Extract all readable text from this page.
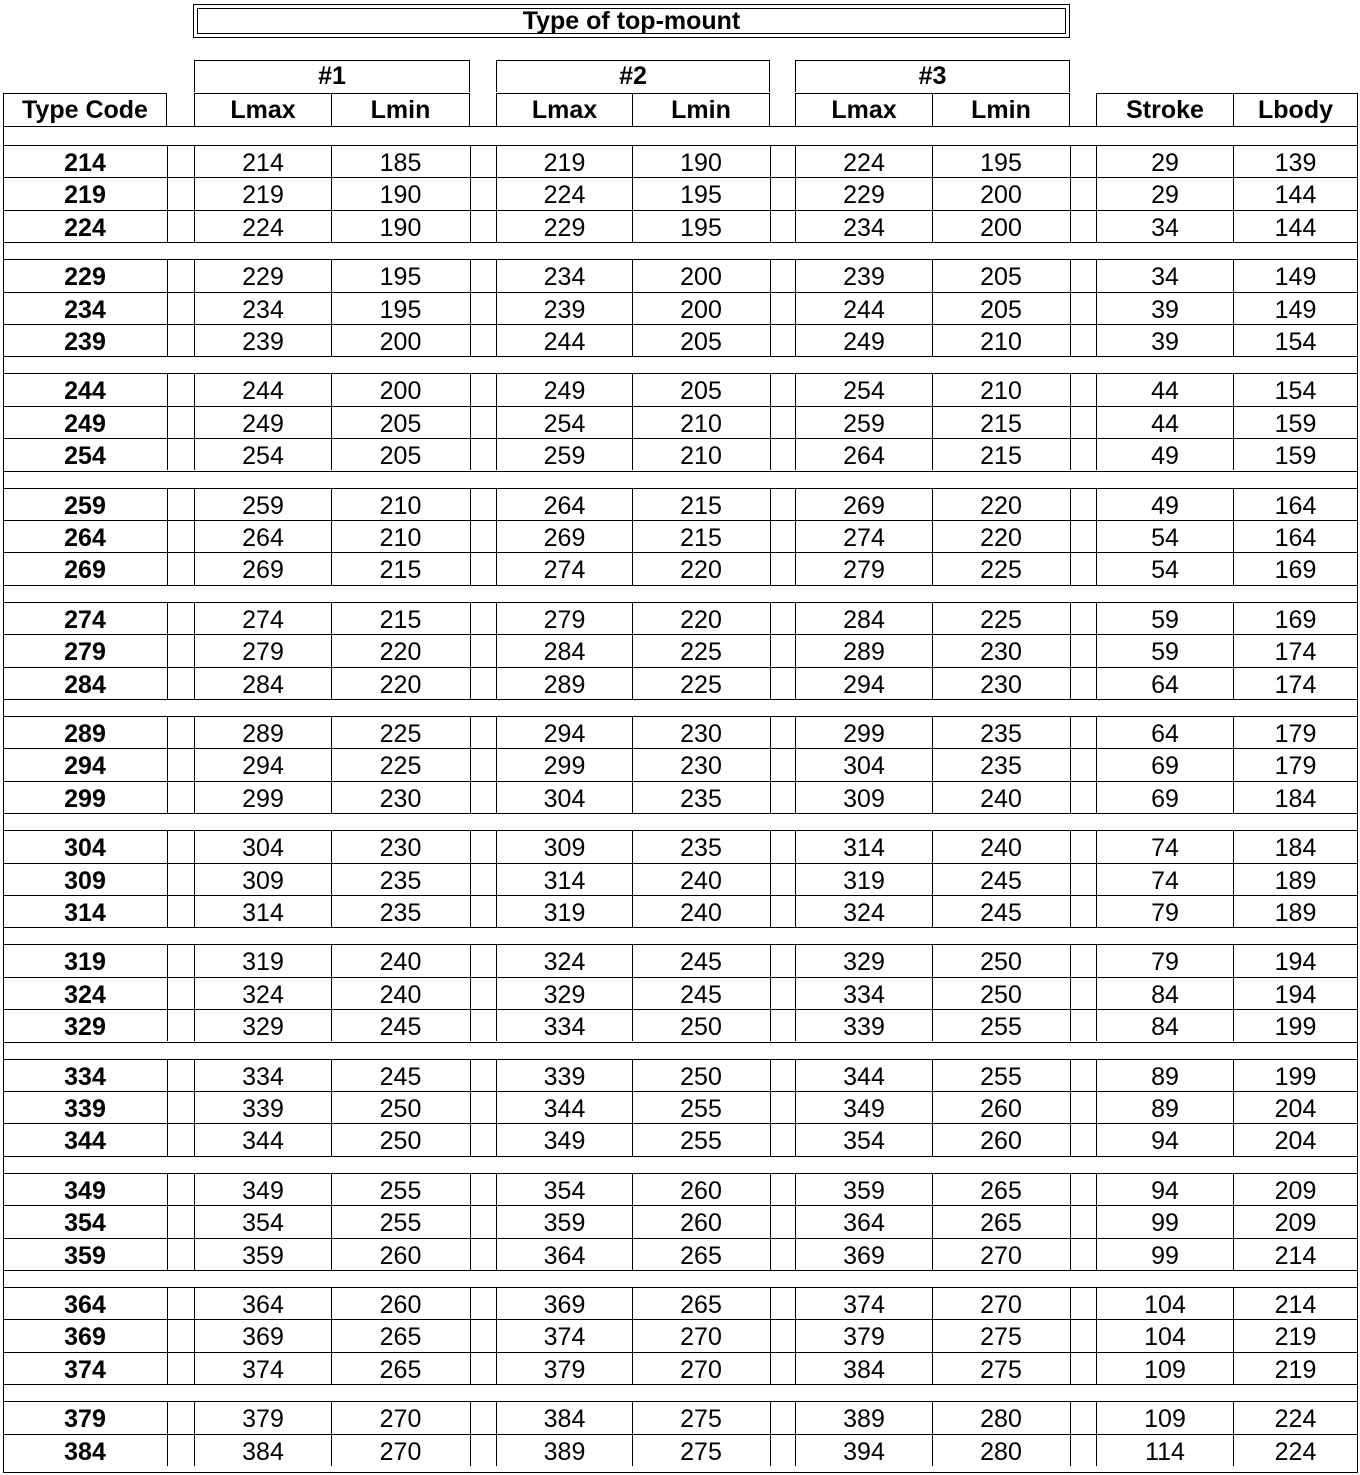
Type of top-mount
#1	#2	#3
Type Code	Lmax	Lmin	Lmax	Lmin	Lmax	Lmin	Stroke	Lbody
214	214	185	219	190	224	195	29	139
219	219	190	224	195	229	200	29	144
224	224	190	229	195	234	200	34	144
229	229	195	234	200	239	205	34	149
234	234	195	239	200	244	205	39	149
239	239	200	244	205	249	210	39	154
244	244	200	249	205	254	210	44	154
249	249	205	254	210	259	215	44	159
254	254	205	259	210	264	215	49	159
259	259	210	264	215	269	220	49	164
264	264	210	269	215	274	220	54	164
269	269	215	274	220	279	225	54	169
274	274	215	279	220	284	225	59	169
279	279	220	284	225	289	230	59	174
284	284	220	289	225	294	230	64	174
289	289	225	294	230	299	235	64	179
294	294	225	299	230	304	235	69	179
299	299	230	304	235	309	240	69	184
304	304	230	309	235	314	240	74	184
309	309	235	314	240	319	245	74	189
314	314	235	319	240	324	245	79	189
319	319	240	324	245	329	250	79	194
324	324	240	329	245	334	250	84	194
329	329	245	334	250	339	255	84	199
334	334	245	339	250	344	255	89	199
339	339	250	344	255	349	260	89	204
344	344	250	349	255	354	260	94	204
349	349	255	354	260	359	265	94	209
354	354	255	359	260	364	265	99	209
359	359	260	364	265	369	270	99	214
364	364	260	369	265	374	270	104	214
369	369	265	374	270	379	275	104	219
374	374	265	379	270	384	275	109	219
379	379	270	384	275	389	280	109	224
384	384	270	389	275	394	280	114	224
